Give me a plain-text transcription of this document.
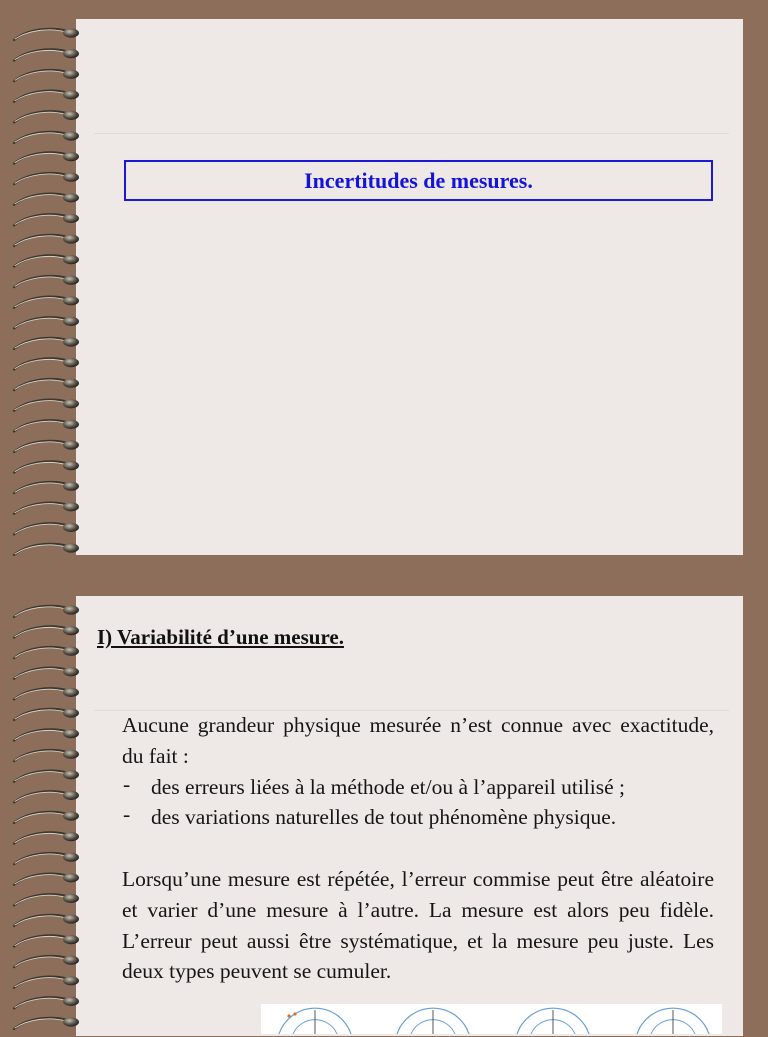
Incertitudes de mesures.
I) Variabilité d’une mesure.

Aucune grandeur physique mesurée n’est connue avec exactitude, du fait :

- des erreurs liées à la méthode et/ou à l’appareil utilisé ;
- des variations naturelles de tout phénomène physique.

Lorsqu’une mesure est répétée, l’erreur commise peut être aléatoire et varier d’une mesure à l’autre. La mesure est alors peu fidèle. L’erreur peut aussi être systématique, et la mesure peu juste. Les deux types peuvent se cumuler.
